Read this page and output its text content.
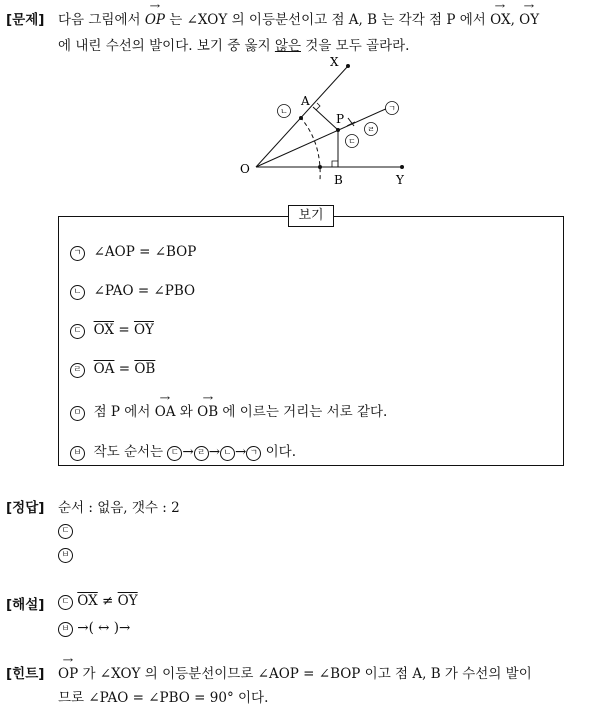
[문제] 다음 그림에서 → OP 는 ∠XOY 의 이등분선이고 점 A, B 는 각각 점 P 에서 → OX, → OY
에 내린 수선의 발이다. 보기 중 옳지 않은 것을 모두 골라라.
X
A
P
O
B	Y
ㄴ	ㄱ
ㄹ
ㄷ
보기
ㄱ ∠AOP = ∠BOP
ㄴ ∠PAO = ∠PBO
ㄷ $\overline{OX} = \overline{OY}$
ㄹ $\overline{OA} = \overline{OB}$
ㅁ 점 P 에서 → OA 와 → OB 에 이르는 거리는 서로 같다.
ㅂ 작도 순서는 ㄷ → ㄹ → ㄴ → ㄱ 이다.
[정답] 순서 : 없음, 갯수 : 2
ㄷ
ㅂ
[해설]	ㄷ $\overline{OX} \ne \overline{OY}$
ㅂ →( ↔ )→
[힌트] → OP 가 ∠XOY 의 이등분선이므로 ∠AOP = ∠BOP 이고 점 A, B 가 수선의 발이
므로 ∠PAO = ∠PBO = 90° 이다.
